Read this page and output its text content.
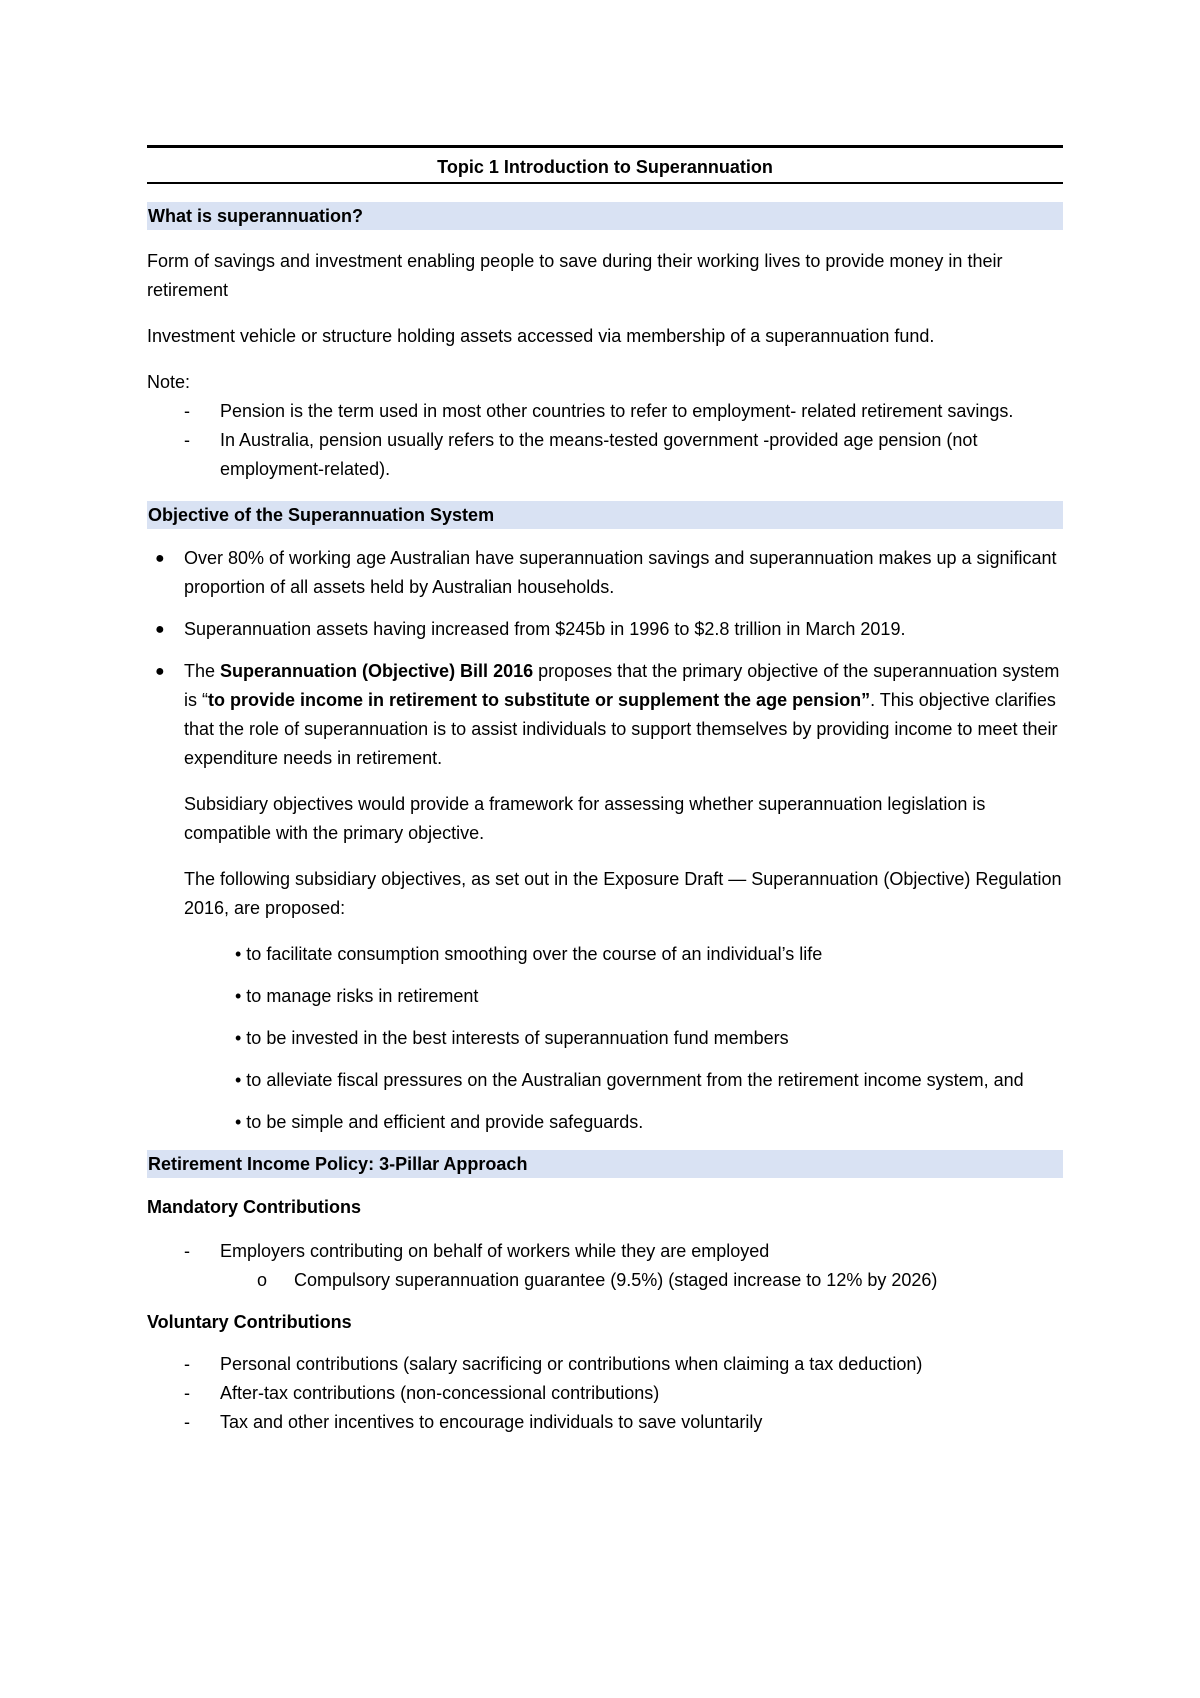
Topic 1 Introduction to Superannuation
What is superannuation?

Form of savings and investment enabling people to save during their working lives to provide money in their retirement

Investment vehicle or structure holding assets accessed via membership of a superannuation fund.

Note:

- Pension is the term used in most other countries to refer to employment- related retirement savings.
- In Australia, pension usually refers to the means-tested government -provided age pension (not employment-related).
Objective of the Superannuation System
● Over 80% of working age Australian have superannuation savings and superannuation makes up a significant proportion of all assets held by Australian households.
● Superannuation assets having increased from $245b in 1996 to $2.8 trillion in March 2019.
● The Superannuation (Objective) Bill 2016 proposes that the primary objective of the superannuation system is “to provide income in retirement to substitute or supplement the age pension”. This objective clarifies that the role of superannuation is to assist individuals to support themselves by providing income to meet their expenditure needs in retirement.

Subsidiary objectives would provide a framework for assessing whether superannuation legislation is compatible with the primary objective.

The following subsidiary objectives, as set out in the Exposure Draft — Superannuation (Objective) Regulation 2016, are proposed:

• to facilitate consumption smoothing over the course of an individual’s life

• to manage risks in retirement

• to be invested in the best interests of superannuation fund members

• to alleviate fiscal pressures on the Australian government from the retirement income system, and

• to be simple and efficient and provide safeguards.

Retirement Income Policy: 3-Pillar Approach
Mandatory Contributions
- Employers contributing on behalf of workers while they are employed
o Compulsory superannuation guarantee (9.5%) (staged increase to 12% by 2026)
Voluntary Contributions
- Personal contributions (salary sacrificing or contributions when claiming a tax deduction)
- After-tax contributions (non-concessional contributions)
- Tax and other incentives to encourage individuals to save voluntarily
